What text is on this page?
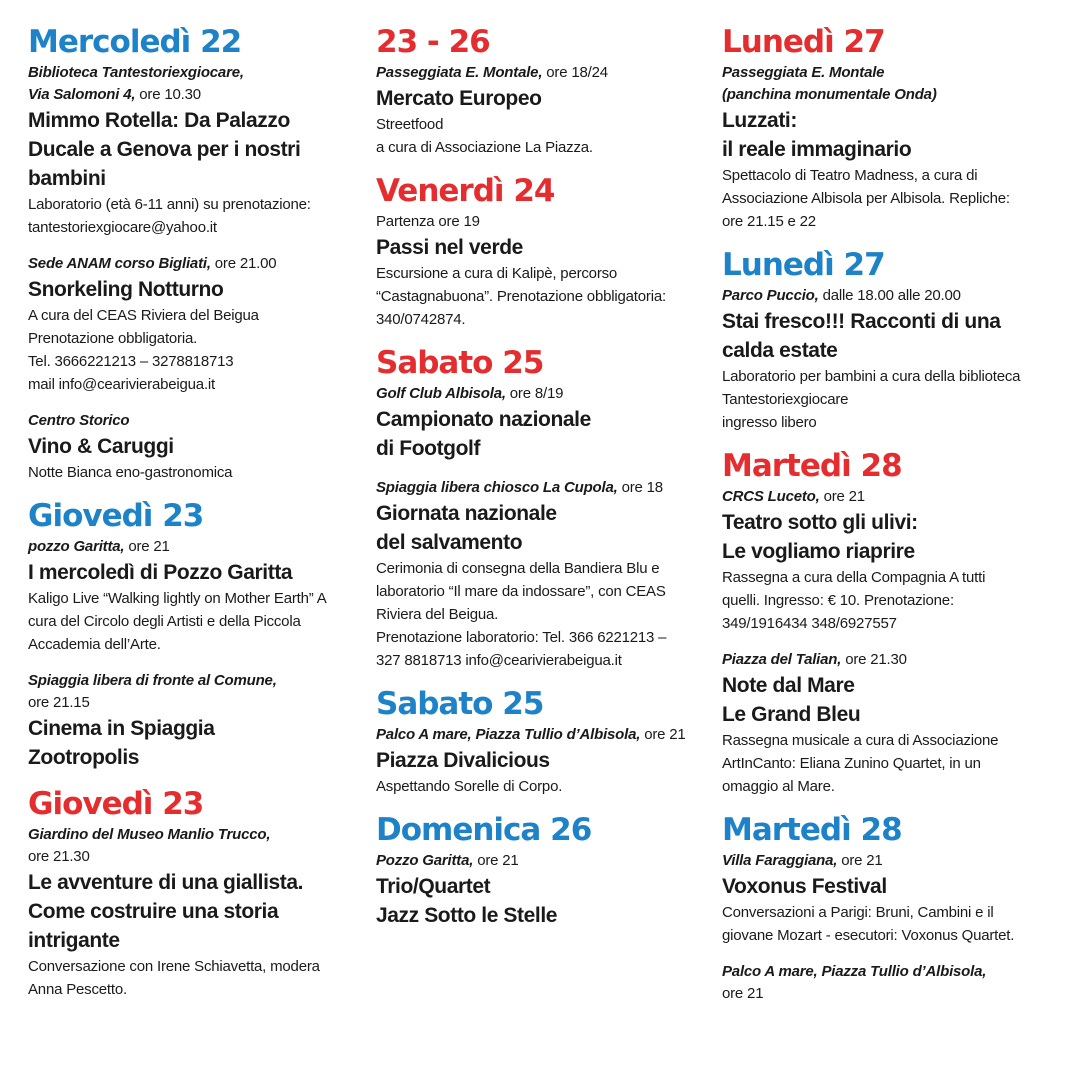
Mercoledì 22
Biblioteca Tantestoriexgiocare,
Via Salomoni 4, ore 10.30
Mimmo Rotella: Da Palazzo
Ducale a Genova per i nostri
bambini
Laboratorio (età 6-11 anni) su prenotazione:
tantestoriexgiocare@yahoo.it
Sede ANAM corso Bigliati, ore 21.00
Snorkeling Notturno
A cura del CEAS Riviera del Beigua
Prenotazione obbligatoria.
Tel. 3666221213 – 3278818713
mail info@cearivierabeigua.it
Centro Storico
Vino & Caruggi
Notte Bianca eno-gastronomica
Giovedì 23
pozzo Garitta, ore 21
I mercoledì di Pozzo Garitta
Kaligo Live “Walking lightly on Mother Earth” A
cura del Circolo degli Artisti e della Piccola
Accademia dell’Arte.
Spiaggia libera di fronte al Comune,
ore 21.15
Cinema in Spiaggia
Zootropolis
Giovedì 23
Giardino del Museo Manlio Trucco,
ore 21.30
Le avventure di una giallista.
Come costruire una storia
intrigante
Conversazione con Irene Schiavetta, modera
Anna Pescetto.
23 - 26
Passeggiata E. Montale, ore 18/24
Mercato Europeo
Streetfood
a cura di Associazione La Piazza.
Venerdì 24
Partenza ore 19
Passi nel verde
Escursione a cura di Kalipè, percorso
“Castagnabuona”. Prenotazione obbligatoria:
340/0742874.
Sabato 25
Golf Club Albisola, ore 8/19
Campionato nazionale
di Footgolf
Spiaggia libera chiosco La Cupola, ore 18
Giornata nazionale
del salvamento
Cerimonia di consegna della Bandiera Blu e
laboratorio “Il mare da indossare”, con CEAS
Riviera del Beigua.
Prenotazione laboratorio: Tel. 366 6221213 –
327 8818713 info@cearivierabeigua.it
Sabato 25
Palco A mare, Piazza Tullio d’Albisola, ore 21
Piazza Divalicious
Aspettando Sorelle di Corpo.
Domenica 26
Pozzo Garitta, ore 21
Trio/Quartet
Jazz Sotto le Stelle
Lunedì 27
Passeggiata E. Montale
(panchina monumentale Onda)
Luzzati:
il reale immaginario
Spettacolo di Teatro Madness, a cura di
Associazione Albisola per Albisola. Repliche:
ore 21.15 e 22
Lunedì 27
Parco Puccio, dalle 18.00 alle 20.00
Stai fresco!!! Racconti di una
calda estate
Laboratorio per bambini a cura della biblioteca
Tantestoriexgiocare
ingresso libero
Martedì 28
CRCS Luceto, ore 21
Teatro sotto gli ulivi:
Le vogliamo riaprire
Rassegna a cura della Compagnia A tutti
quelli. Ingresso: € 10. Prenotazione:
349/1916434 348/6927557
Piazza del Talian, ore 21.30
Note dal Mare
Le Grand Bleu
Rassegna musicale a cura di Associazione
ArtInCanto: Eliana Zunino Quartet, in un
omaggio al Mare.
Martedì 28
Villa Faraggiana, ore 21
Voxonus Festival
Conversazioni a Parigi: Bruni, Cambini e il
giovane Mozart - esecutori: Voxonus Quartet.
Palco A mare, Piazza Tullio d’Albisola,
ore 21
